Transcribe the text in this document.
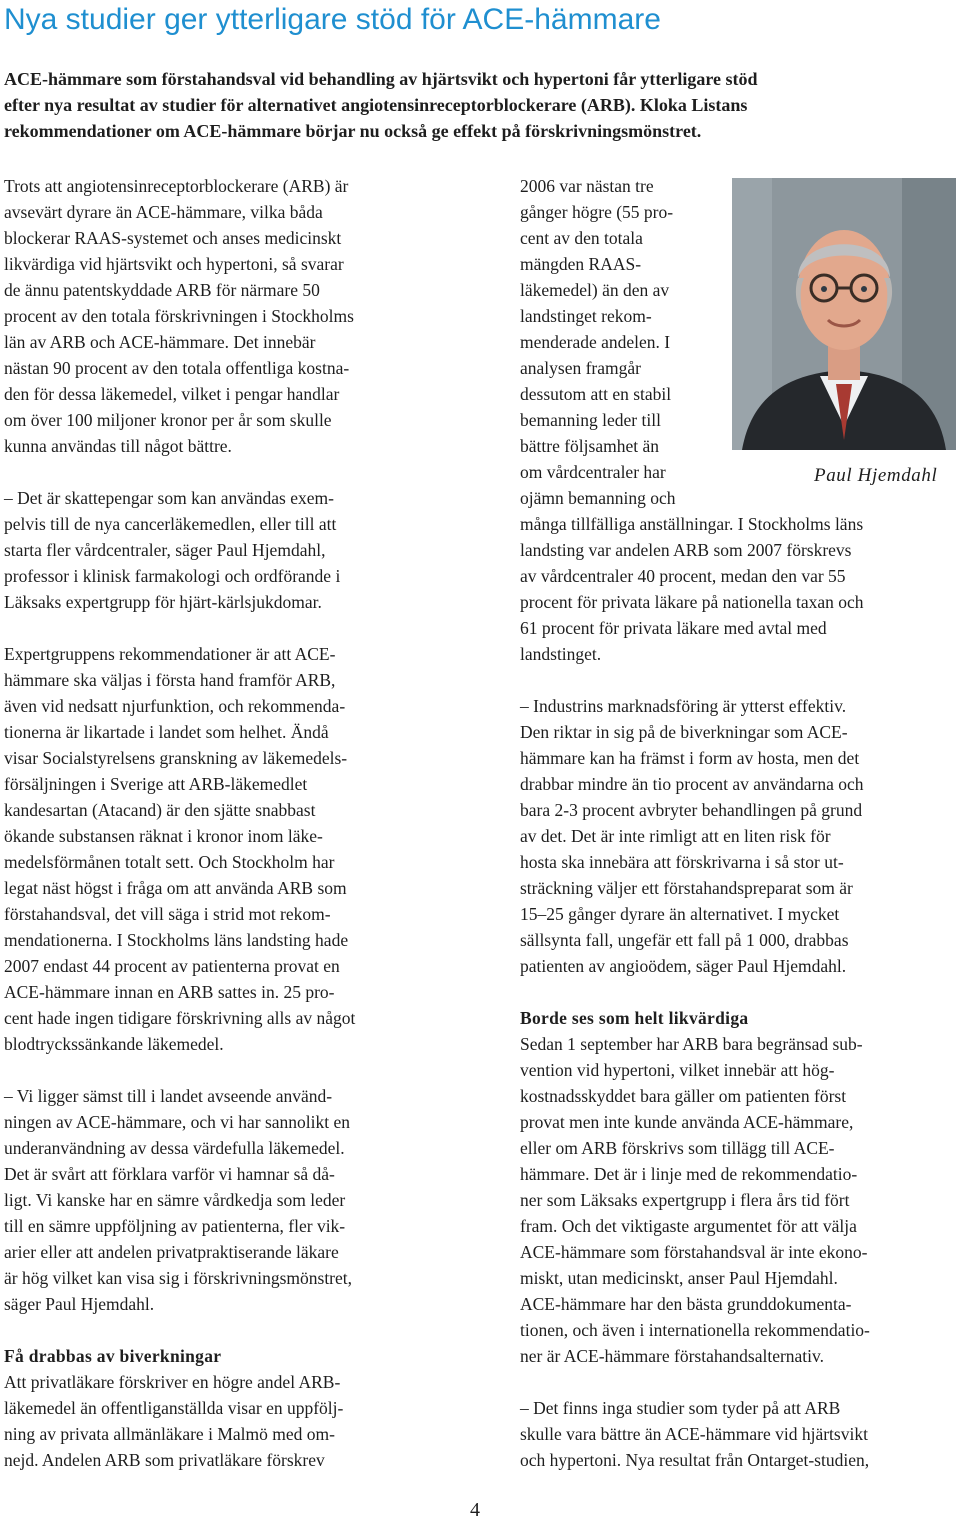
Nya studier ger ytterligare stöd för ACE-hämmare
ACE-hämmare som förstahandsval vid behandling av hjärtsvikt och hypertoni får ytterligare stöd
efter nya resultat av studier för alternativet angiotensinreceptorblockerare (ARB). Kloka Listans
rekommendationer om ACE-hämmare börjar nu också ge effekt på förskrivningsmönstret.
Trots att angiotensinreceptorblockerare (ARB) är
avsevärt dyrare än ACE-hämmare, vilka båda
blockerar RAAS-systemet och anses medicinskt
likvärdiga vid hjärtsvikt och hypertoni, så svarar
de ännu patentskyddade ARB för närmare 50
procent av den totala förskrivningen i Stockholms
län av ARB och ACE-hämmare. Det innebär
nästan 90 procent av den totala offentliga kostna-
den för dessa läkemedel, vilket i pengar handlar
om över 100 miljoner kronor per år som skulle
kunna användas till något bättre.
– Det är skattepengar som kan användas exem-
pelvis till de nya cancerläkemedlen, eller till att
starta fler vårdcentraler, säger Paul Hjemdahl,
professor i klinisk farmakologi och ordförande i
Läksaks expertgrupp för hjärt-kärlsjukdomar.
Expertgruppens rekommendationer är att ACE-
hämmare ska väljas i första hand framför ARB,
även vid nedsatt njurfunktion, och rekommenda-
tionerna är likartade i landet som helhet. Ändå
visar Socialstyrelsens granskning av läkemedels-
försäljningen i Sverige att ARB-läkemedlet
kandesartan (Atacand) är den sjätte snabbast
ökande substansen räknat i kronor inom läke-
medelsförmånen totalt sett. Och Stockholm har
legat näst högst i fråga om att använda ARB som
förstahandsval, det vill säga i strid mot rekom-
mendationerna. I Stockholms läns landsting hade
2007 endast 44 procent av patienterna provat en
ACE-hämmare innan en ARB sattes in. 25 pro-
cent hade ingen tidigare förskrivning alls av något
blodtryckssänkande läkemedel.
– Vi ligger sämst till i landet avseende använd-
ningen av ACE-hämmare, och vi har sannolikt en
underanvändning av dessa värdefulla läkemedel.
Det är svårt att förklara varför vi hamnar så då-
ligt. Vi kanske har en sämre vårdkedja som leder
till en sämre uppföljning av patienterna, fler vik-
arier eller att andelen privatpraktiserande läkare
är hög vilket kan visa sig i förskrivningsmönstret,
säger Paul Hjemdahl.
Få drabbas av biverkningar
Att privatläkare förskriver en högre andel ARB-
läkemedel än offentliganställda visar en uppfölj-
ning av privata allmänläkare i Malmö med om-
nejd. Andelen ARB som privatläkare förskrev
2006 var nästan tre
gånger högre (55 pro-
cent av den totala
mängden RAAS-
läkemedel) än den av
landstinget rekom-
menderade andelen. I
analysen framgår
dessutom att en stabil
bemanning leder till
bättre följsamhet än
om vårdcentraler har
ojämn bemanning och
många tillfälliga anställningar. I Stockholms läns
landsting var andelen ARB som 2007 förskrevs
av vårdcentraler 40 procent, medan den var 55
procent för privata läkare på nationella taxan och
61 procent för privata läkare med avtal med
landstinget.
– Industrins marknadsföring är ytterst effektiv.
Den riktar in sig på de biverkningar som ACE-
hämmare kan ha främst i form av hosta, men det
drabbar mindre än tio procent av användarna och
bara 2-3 procent avbryter behandlingen på grund
av det. Det är inte rimligt att en liten risk för
hosta ska innebära att förskrivarna i så stor ut-
sträckning väljer ett förstahandspreparat som är
15–25 gånger dyrare än alternativet. I mycket
sällsynta fall, ungefär ett fall på 1 000, drabbas
patienten av angioödem, säger Paul Hjemdahl.
Borde ses som helt likvärdiga
Sedan 1 september har ARB bara begränsad sub-
vention vid hypertoni, vilket innebär att hög-
kostnadsskyddet bara gäller om patienten först
provat men inte kunde använda ACE-hämmare,
eller om ARB förskrivs som tillägg till ACE-
hämmare. Det är i linje med de rekommendatio-
ner som Läksaks expertgrupp i flera års tid fört
fram. Och det viktigaste argumentet för att välja
ACE-hämmare som förstahandsval är inte ekono-
miskt, utan medicinskt, anser Paul Hjemdahl.
ACE-hämmare har den bästa grunddokumenta-
tionen, och även i internationella rekommendatio-
ner är ACE-hämmare förstahandsalternativ.
– Det finns inga studier som tyder på att ARB
skulle vara bättre än ACE-hämmare vid hjärtsvikt
och hypertoni. Nya resultat från Ontarget-studien,
Paul Hjemdahl
4
